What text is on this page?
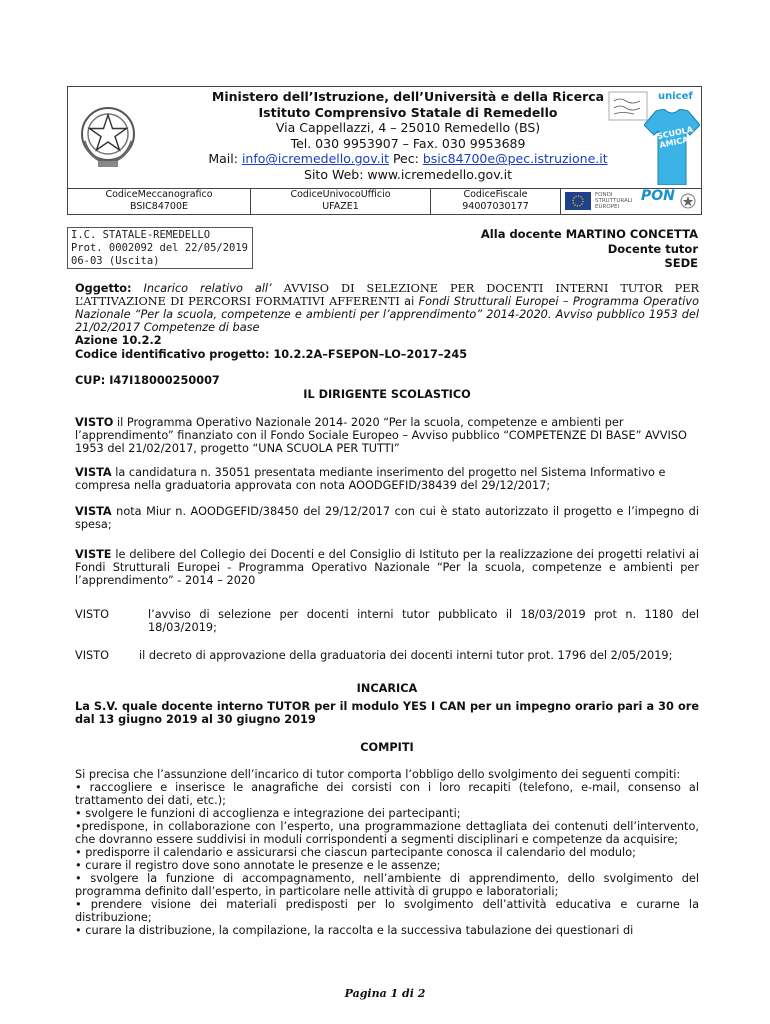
Ministero dell’Istruzione, dell’Università e della Ricerca
Istituto Comprensivo Statale di Remedello
Via Cappellazzi, 4 – 25010 Remedello (BS)
Tel. 030 9953907 – Fax. 030 9953689
Mail: info@icremedello.gov.it Pec: bsic84700e@pec.istruzione.it
Sito Web: www.icremedello.gov.it
unicef
SCUOLA AMICA
CodiceMeccanografico
BSIC84700E
CodiceUnivocoUfficio
UFAZE1
CodiceFiscale
94007030177
FONDI STRUTTURALI EUROPEI
PON
I.C. STATALE-REMEDELLO
Prot. 0002092 del 22/05/2019
06-03 (Uscita)
Alla docente MARTINO CONCETTA
Docente tutor
SEDE
Oggetto: Incarico relativo all’ AVVISO DI SELEZIONE PER DOCENTI INTERNI TUTOR PER L’ATTIVAZIONE DI PERCORSI FORMATIVI AFFERENTI ai Fondi Strutturali Europei – Programma Operativo Nazionale “Per la scuola, competenze e ambienti per l’apprendimento” 2014-2020. Avviso pubblico 1953 del 21/02/2017 Competenze di base
Azione 10.2.2
Codice identificativo progetto: 10.2.2A–FSEPON–LO–2017–245
CUP: I47I18000250007
IL DIRIGENTE SCOLASTICO
VISTO il Programma Operativo Nazionale 2014- 2020 “Per la scuola, competenze e ambienti per l’apprendimento” finanziato con il Fondo Sociale Europeo – Avviso pubblico “COMPETENZE DI BASE” AVVISO 1953 del 21/02/2017, progetto “UNA SCUOLA PER TUTTI”
VISTA la candidatura n. 35051 presentata mediante inserimento del progetto nel Sistema Informativo e compresa nella graduatoria approvata con nota AOODGEFID/38439 del 29/12/2017;
VISTA nota Miur n. AOODGEFID/38450 del 29/12/2017 con cui è stato autorizzato il progetto e l’impegno di spesa;
VISTE le delibere del Collegio dei Docenti e del Consiglio di Istituto per la realizzazione dei progetti relativi ai Fondi Strutturali Europei - Programma Operativo Nazionale “Per la scuola, competenze e ambienti per l’apprendimento” - 2014 – 2020
VISTO	l’avviso di selezione per docenti interni tutor pubblicato il 18/03/2019 prot n. 1180 del 18/03/2019;
VISTO	il decreto di approvazione della graduatoria dei docenti interni tutor prot. 1796 del 2/05/2019;
INCARICA
La S.V. quale docente interno TUTOR per il modulo YES I CAN per un impegno orario pari a 30 ore dal 13 giugno 2019 al 30 giugno 2019
COMPITI
Si precisa che l’assunzione dell’incarico di tutor comporta l’obbligo dello svolgimento dei seguenti compiti:
• raccogliere e inserisce le anagrafiche dei corsisti con i loro recapiti (telefono, e-mail, consenso al trattamento dei dati, etc.);
• svolgere le funzioni di accoglienza e integrazione dei partecipanti;
•predispone, in collaborazione con l’esperto, una programmazione dettagliata dei contenuti dell’intervento, che dovranno essere suddivisi in moduli corrispondenti a segmenti disciplinari e competenze da acquisire;
• predisporre il calendario e assicurarsi che ciascun partecipante conosca il calendario del modulo;
• curare il registro dove sono annotate le presenze e le assenze;
• svolgere la funzione di accompagnamento, nell’ambiente di apprendimento, dello svolgimento del programma definito dall’esperto, in particolare nelle attività di gruppo e laboratoriali;
• prendere visione dei materiali predisposti per lo svolgimento dell’attività educativa e curarne la distribuzione;
• curare la distribuzione, la compilazione, la raccolta e la successiva tabulazione dei questionari di
Pagina 1 di 2
